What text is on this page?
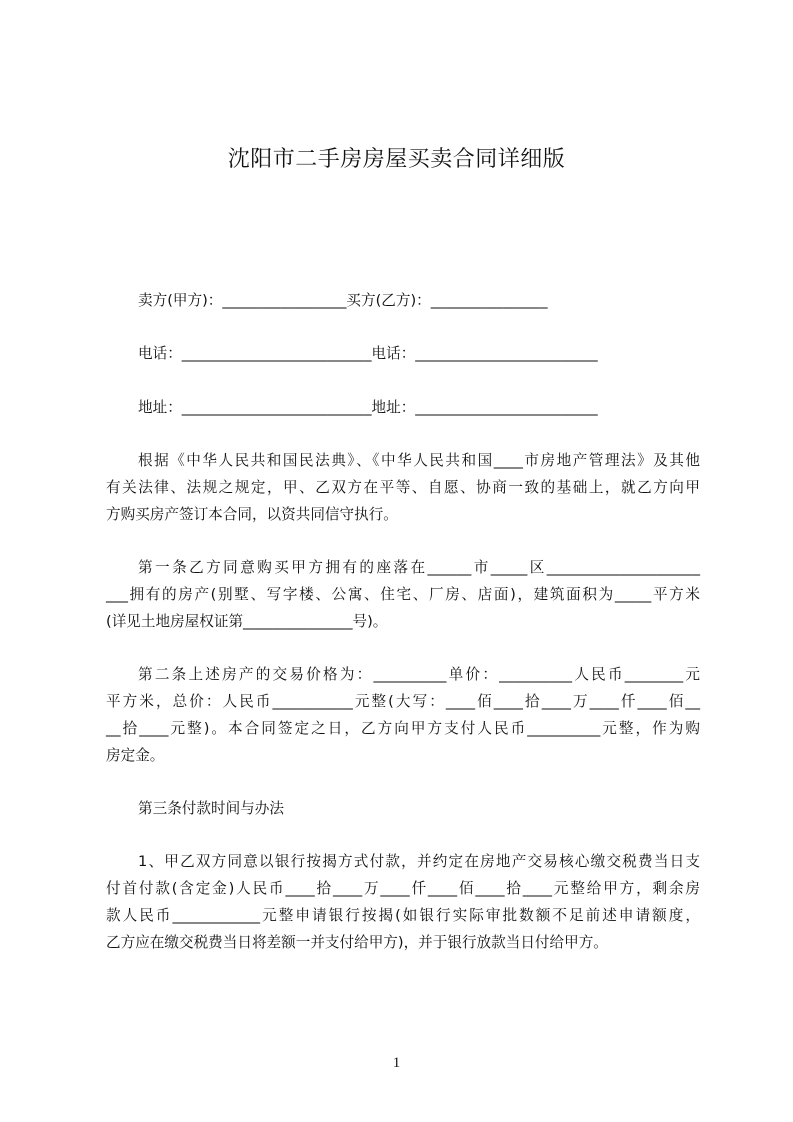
沈阳市二手房房屋买卖合同详细版
卖方(甲方)：_________________买方(乙方)：________________
电话：__________________________电话：_________________________
地址：__________________________地址：_________________________
根据《中华人民共和国民法典》、《中华人民共和国____市房地产管理法》及其他
有关法律、法规之规定，甲、乙双方在平等、自愿、协商一致的基础上，就乙方向甲
方购买房产签订本合同，以资共同信守执行。
第一条乙方同意购买甲方拥有的座落在______市_____区_____________________
___拥有的房产(别墅、写字楼、公寓、住宅、厂房、店面)，建筑面积为_____平方米
(详见土地房屋权证第_______________号)。
第二条上述房产的交易价格为：__________单价：__________人民币________元
平方米，总价：人民币___________元整(大写：____佰____拾____万____仟____佰__
__拾____元整)。本合同签定之日，乙方向甲方支付人民币__________元整，作为购
房定金。
第三条付款时间与办法
1、甲乙双方同意以银行按揭方式付款，并约定在房地产交易核心缴交税费当日支
付首付款(含定金)人民币____拾____万____仟____佰____拾____元整给甲方，剩余房
款人民币____________元整申请银行按揭(如银行实际审批数额不足前述申请额度，
乙方应在缴交税费当日将差额一并支付给甲方)，并于银行放款当日付给甲方。
1
